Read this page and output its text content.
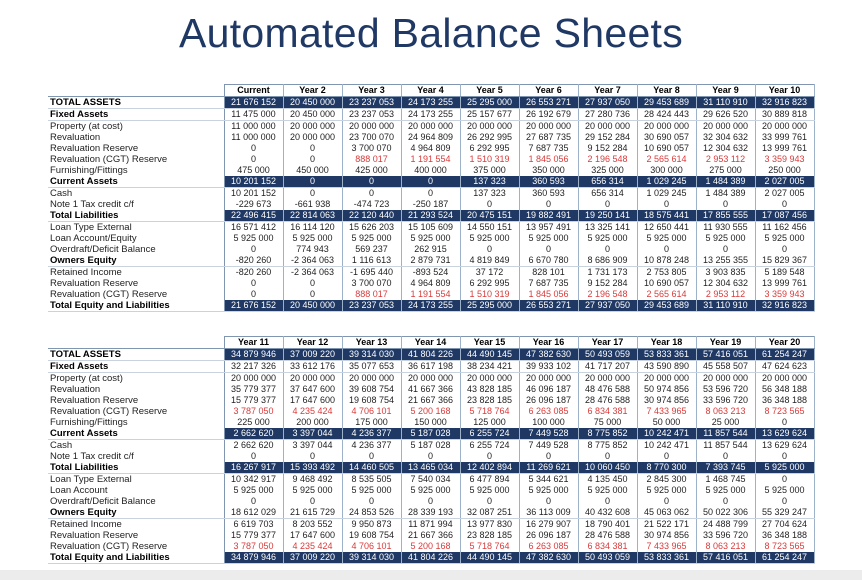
Automated Balance Sheets
	Current	Year 2	Year 3	Year 4	Year 5	Year 6	Year 7	Year 8	Year 9	Year 10
TOTAL ASSETS	21 676 152	20 450 000	23 237 053	24 173 255	25 295 000	26 553 271	27 937 050	29 453 689	31 110 910	32 916 823
Fixed Assets	11 475 000	20 450 000	23 237 053	24 173 255	25 157 677	26 192 679	27 280 736	28 424 443	29 626 520	30 889 818
Property (at cost)	11 000 000	20 000 000	20 000 000	20 000 000	20 000 000	20 000 000	20 000 000	20 000 000	20 000 000	20 000 000
Revaluation	11 000 000	20 000 000	23 700 070	24 964 809	26 292 995	27 687 735	29 152 284	30 690 057	32 304 632	33 999 761
Revaluation Reserve	0	0	3 700 070	4 964 809	6 292 995	7 687 735	9 152 284	10 690 057	12 304 632	13 999 761
Revaluation (CGT) Reserve	0	0	888 017	1 191 554	1 510 319	1 845 056	2 196 548	2 565 614	2 953 112	3 359 943
Furnishing/Fittings	475 000	450 000	425 000	400 000	375 000	350 000	325 000	300 000	275 000	250 000
Current Assets	10 201 152	0	0	0	137 323	360 593	656 314	1 029 245	1 484 389	2 027 005
Cash	10 201 152	0	0	0	137 323	360 593	656 314	1 029 245	1 484 389	2 027 005
Note 1 Tax credit c/f	-229 673	-661 938	-474 723	-250 187	0	0	0	0	0	0
Total Liabilities	22 496 415	22 814 063	22 120 440	21 293 524	20 475 151	19 882 491	19 250 141	18 575 441	17 855 555	17 087 456
Loan Type External	16 571 412	16 114 120	15 626 203	15 105 609	14 550 151	13 957 491	13 325 141	12 650 441	11 930 555	11 162 456
Loan Account/Equity	5 925 000	5 925 000	5 925 000	5 925 000	5 925 000	5 925 000	5 925 000	5 925 000	5 925 000	5 925 000
Overdraft/Deficit Balance	0	774 943	569 237	262 915	0	0	0	0	0	0
Owners Equity	-820 260	-2 364 063	1 116 613	2 879 731	4 819 849	6 670 780	8 686 909	10 878 248	13 255 355	15 829 367
Retained Income	-820 260	-2 364 063	-1 695 440	-893 524	37 172	828 101	1 731 173	2 753 805	3 903 835	5 189 548
Revaluation Reserve	0	0	3 700 070	4 964 809	6 292 995	7 687 735	9 152 284	10 690 057	12 304 632	13 999 761
Revaluation (CGT) Reserve	0	0	888 017	1 191 554	1 510 319	1 845 056	2 196 548	2 565 614	2 953 112	3 359 943
Total Equity and Liabilities	21 676 152	20 450 000	23 237 053	24 173 255	25 295 000	26 553 271	27 937 050	29 453 689	31 110 910	32 916 823
	Year 11	Year 12	Year 13	Year 14	Year 15	Year 16	Year 17	Year 18	Year 19	Year 20
TOTAL ASSETS	34 879 946	37 009 220	39 314 030	41 804 226	44 490 145	47 382 630	50 493 059	53 833 361	57 416 051	61 254 247
Fixed Assets	32 217 326	33 612 176	35 077 653	36 617 198	38 234 421	39 933 102	41 717 207	43 590 890	45 558 507	47 624 623
Property (at cost)	20 000 000	20 000 000	20 000 000	20 000 000	20 000 000	20 000 000	20 000 000	20 000 000	20 000 000	20 000 000
Revaluation	35 779 377	37 647 600	39 608 754	41 667 366	43 828 185	46 096 187	48 476 588	50 974 856	53 596 720	56 348 188
Revaluation Reserve	15 779 377	17 647 600	19 608 754	21 667 366	23 828 185	26 096 187	28 476 588	30 974 856	33 596 720	36 348 188
Revaluation (CGT) Reserve	3 787 050	4 235 424	4 706 101	5 200 168	5 718 764	6 263 085	6 834 381	7 433 965	8 063 213	8 723 565
Furnishing/Fittings	225 000	200 000	175 000	150 000	125 000	100 000	75 000	50 000	25 000	0
Current Assets	2 662 620	3 397 044	4 236 377	5 187 028	6 255 724	7 449 528	8 775 852	10 242 471	11 857 544	13 629 624
Cash	2 662 620	3 397 044	4 236 377	5 187 028	6 255 724	7 449 528	8 775 852	10 242 471	11 857 544	13 629 624
Note 1 Tax credit c/f	0	0	0	0	0	0	0	0	0	0
Total Liabilities	16 267 917	15 393 492	14 460 505	13 465 034	12 402 894	11 269 621	10 060 450	8 770 300	7 393 745	5 925 000
Loan Type External	10 342 917	9 468 492	8 535 505	7 540 034	6 477 894	5 344 621	4 135 450	2 845 300	1 468 745	0
Loan Account	5 925 000	5 925 000	5 925 000	5 925 000	5 925 000	5 925 000	5 925 000	5 925 000	5 925 000	5 925 000
Overdraft/Deficit Balance	0	0	0	0	0	0	0	0	0	0
Owners Equity	18 612 029	21 615 729	24 853 526	28 339 193	32 087 251	36 113 009	40 432 608	45 063 062	50 022 306	55 329 247
Retained Income	6 619 703	8 203 552	9 950 873	11 871 994	13 977 830	16 279 907	18 790 401	21 522 171	24 488 799	27 704 624
Revaluation Reserve	15 779 377	17 647 600	19 608 754	21 667 366	23 828 185	26 096 187	28 476 588	30 974 856	33 596 720	36 348 188
Revaluation (CGT) Reserve	3 787 050	4 235 424	4 706 101	5 200 168	5 718 764	6 263 085	6 834 381	7 433 965	8 063 213	8 723 565
Total Equity and Liabilities	34 879 946	37 009 220	39 314 030	41 804 226	44 490 145	47 382 630	50 493 059	53 833 361	57 416 051	61 254 247
